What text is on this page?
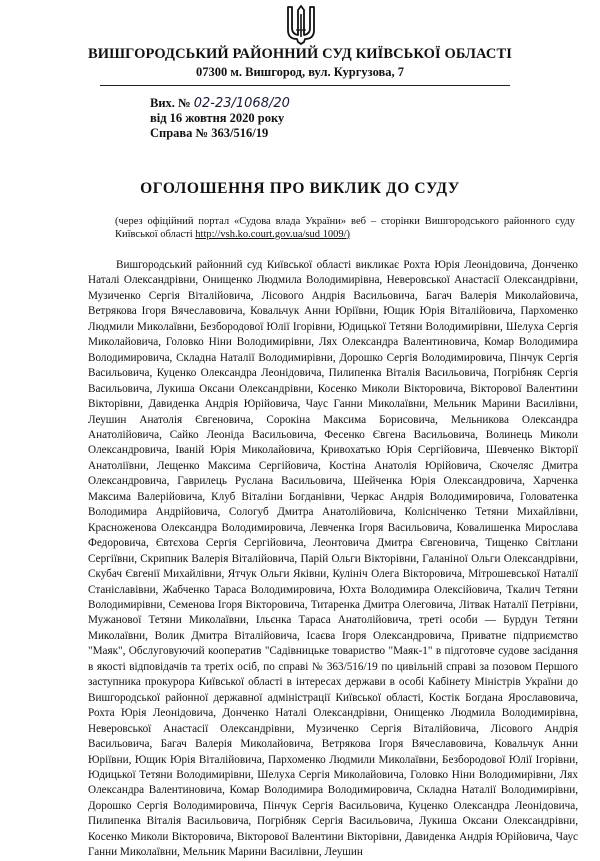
ВИШГОРОДСЬКИЙ РАЙОННИЙ СУД КИЇВСЬКОЇ ОБЛАСТІ
07300 м. Вишгород, вул. Кургузова, 7
Вих. № 02-23/1068/20
від 16 жовтня 2020 року
Справа № 363/516/19
ОГОЛОШЕННЯ ПРО ВИКЛИК ДО СУДУ
(через офіційний портал «Судова влада України» веб – сторінки Вишгородського районного суду Київської області http://vsh.ko.court.gov.ua/sud 1009/)
Вишгородський районний суд Київської області викликає Рохта Юрія Леонідовича, Донченко Наталі Олександрівни, Онищенко Людмила Володимирівна, Неверовської Анастасії Олександрівни, Музиченко Сергія Віталійовича, Лісового Андрія Васильовича, Багач Валерія Миколайовича, Ветрякова Ігоря Вячеславовича, Ковальчук Анни Юріївни, Ющик Юрія Віталійовича, Пархоменко Людмили Миколаївни, Безбородової Юлії Ігорівни, Юдицької Тетяни Володимирівни, Шелуха Сергія Миколайовича, Головко Ніни Володимирівни, Лях Олександра Валентиновича, Комар Володимира Володимировича, Складна Наталії Володимирівни, Дорошко Сергія Володимировича, Пінчук Сергія Васильовича, Куценко Олександра Леонідовича, Пилипенка Віталія Васильовича, Погрібняк Сергія Васильовича, Лукиша Оксани Олександрівни, Косенко Миколи Вікторовича, Вікторової Валентини Вікторівни, Давиденка Андрія Юрійовича, Чаус Ганни Миколаївни, Мельник Марини Василівни, Леушин Анатолія Євгеновича, Сорокіна Максима Борисовича, Мельникова Олександра Анатолійовича, Сайко Леоніда Васильовича, Фесенко Євгена Васильовича, Волинець Миколи Олександровича, Іваній Юрія Миколайовича, Кривохатько Юрія Сергійовича, Шевченко Вікторії Анатоліївни, Лещенко Максима Сергійовича, Костіна Анатолія Юрійовича, Скочеляс Дмитра Олександровича, Гаврилець Руслана Васильовича, Шейченка Юрія Олександровича, Харченка Максима Валерійовича, Клуб Віталіни Богданівни, Черкас Андрія Володимировича, Головатенка Володимира Андрійовича, Сологуб Дмитра Анатолійовича, Колісніченко Тетяни Михайлівни, Красноженова Олександра Володимировича, Левченка Ігоря Васильовича, Ковалишенка Мирослава Федоровича, Євтєхова Сергія Сергійовича, Леонтовича Дмитра Євгеновича, Тищенко Світлани Сергіївни, Скрипник Валерія Віталійовича, Парій Ольги Вікторівни, Галаніної Ольги Олександрівни, Скубач Євгенії Михайлівни, Ятчук Ольги Яківни, Кулініч Олега Вікторовича, Мітрошевської Наталії Станіславівни, Жабченко Тараса Володимировича, Юхта Володимира Олексійовича, Ткалич Тетяни Володимирівни, Семенова Ігоря Вікторовича, Титаренка Дмитра Олеговича, Літвак Наталії Петрівни, Мужанової Тетяни Миколаївни, Ільєнка Тараса Анатолійовича, треті особи — Бурдун Тетяни Миколаївни, Волик Дмитра Віталійовича, Ісаєва Ігоря Олександровича, Приватне підприємство "Маяк", Обслуговуючий кооператив "Садівницьке товариство "Маяк-1" в підготовче судове засідання в якості відповідачів та третіх осіб, по справі № 363/516/19 по цивільній справі за позовом Першого заступника прокурора Київської області в інтересах держави в особі Кабінету Міністрів України до Вишгородської районної державної адміністрації Київської області, Костік Богдана Ярославовича, Рохта Юрія Леонідовича, Донченко Наталі Олександрівни, Онищенко Людмила Володимирівна, Неверовської Анастасії Олександрівни, Музиченко Сергія Віталійовича, Лісового Андрія Васильовича, Багач Валерія Миколайовича, Ветрякова Ігоря Вячеславовича, Ковальчук Анни Юріївни, Ющик Юрія Віталійовича, Пархоменко Людмили Миколаївни, Безбородової Юлії Ігорівни, Юдицької Тетяни Володимирівни, Шелуха Сергія Миколайовича, Головко Ніни Володимирівни, Лях Олександра Валентиновича, Комар Володимира Володимировича, Складна Наталії Володимирівни, Дорошко Сергія Володимировича, Пінчук Сергія Васильовича, Куценко Олександра Леонідовича, Пилипенка Віталія Васильовича, Погрібняк Сергія Васильовича, Лукиша Оксани Олександрівни, Косенко Миколи Вікторовича, Вікторової Валентини Вікторівни, Давиденка Андрія Юрійовича, Чаус Ганни Миколаївни, Мельник Марини Василівни, Леушин
